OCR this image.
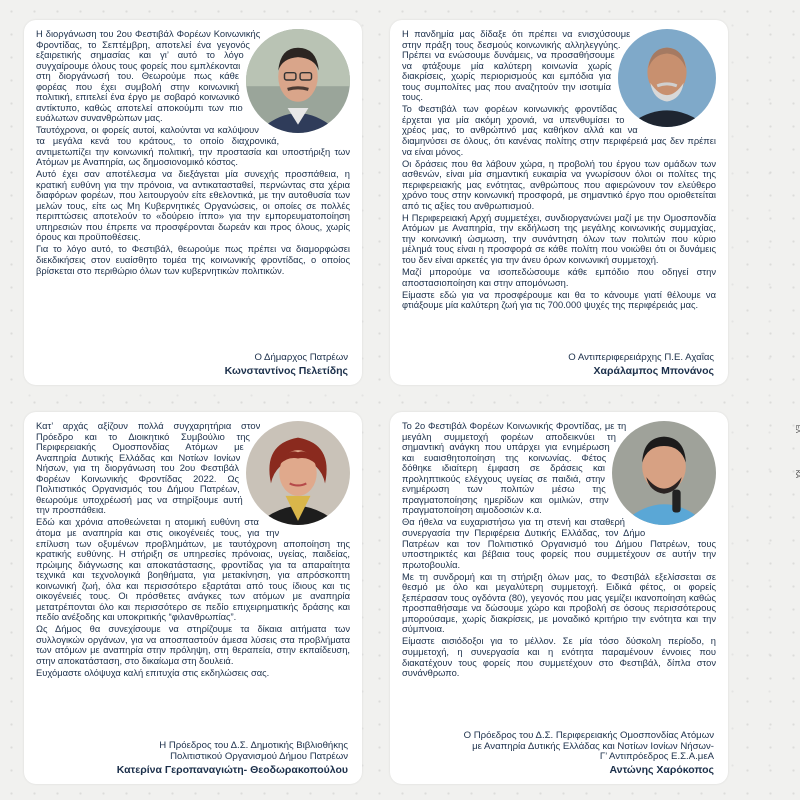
Η διοργάνωση του 2ου Φεστιβάλ Φορέων Κοινωνικής Φροντίδας, το Σεπτέμβρη, αποτελεί ένα γεγονός εξαιρετικής σημασίας και γι’ αυτό το λόγο συγχαίρουμε όλους τους φορείς που εμπλέκονται στη διοργάνωσή του. Θεωρούμε πως κάθε φορέας που έχει συμβολή στην κοινωνική πολιτική, επιτελεί ένα έργο με σοβαρό κοινωνικό αντίκτυπο, καθώς αποτελεί αποκούμπι των πιο ευάλωτων συνανθρώπων μας.

Ταυτόχρονα, οι φορείς αυτοί, καλούνται να καλύψουν τα μεγάλα κενά του κράτους, το οποίο διαχρονικά, αντιμετωπίζει την κοινωνική πολιτική, την προστασία και υποστήριξη των Ατόμων με Αναπηρία, ως δημοσιονομικό κόστος.

Αυτό έχει σαν αποτέλεσμα να διεξάγεται μία συνεχής προσπάθεια, η κρατική ευθύνη για την πρόνοια, να αντικατασταθεί, περνώντας στα χέρια διαφόρων φορέων, που λειτουργούν είτε εθελοντικά, με την αυτοθυσία των μελών τους, είτε ως Μη Κυβερνητικές Οργανώσεις, οι οποίες σε πολλές περιπτώσεις αποτελούν το «δούρειο ίππο» για την εμπορευματοποίηση υπηρεσιών που έπρεπε να προσφέρονται δωρεάν και προς όλους, χωρίς όρους και προϋποθέσεις.

Για το λόγο αυτό, το Φεστιβάλ, θεωρούμε πως πρέπει να διαμορφώσει διεκδικήσεις στον ευαίσθητο τομέα της κοινωνικής φροντίδας, ο οποίος βρίσκεται στο περιθώριο όλων των κυβερνητικών πολιτικών.

Ο Δήμαρχος Πατρέων
Κωνσταντίνος Πελετίδης

Η πανδημία μας δίδαξε ότι πρέπει να ενισχύσουμε στην πράξη τους δεσμούς κοινωνικής αλληλεγγύης. Πρέπει να ενώσουμε δυνάμεις, να προσαθήσουμε να φτάξουμε μία καλύτερη κοινωνία χωρίς διακρίσεις, χωρίς περιορισμούς και εμπόδια για τους συμπολίτες μας που αναζητούν την ισοτιμία τους.

Το Φεστιβάλ των φορέων κοινωνικής φροντίδας έρχεται για μία ακόμη χρονιά, να υπενθυμίσει το χρέος μας, το ανθρώπινό μας καθήκον αλλά και να διαμηνύσει σε όλους, ότι κανένας πολίτης στην περιφέρειά μας δεν πρέπει να είναι μόνος.

Οι δράσεις που θα λάβουν χώρα, η προβολή του έργου των ομάδων των ασθενών, είναι μία σημαντική ευκαιρία να γνωρίσουν όλοι οι πολίτες της περιφερειακής μας ενότητας, ανθρώπους που αφιερώνουν τον ελεύθερο χρόνο τους στην κοινωνική προσφορά, με σημαντικό έργο που οριοθετείται από τις αξίες του ανθρωπισμού.

Η Περιφερειακή Αρχή συμμετέχει, συνδιοργανώνει μαζί με την Ομοσπονδία Ατόμων με Αναπηρία, την εκδήλωση της μεγάλης κοινωνικής συμμαχίας, την κοινωνική ώσμωση, την συνάντηση όλων των πολιτών που κύριο μέλημά τους είναι η προσφορά σε κάθε πολίτη που νοιώθει ότι οι δυνάμεις του δεν είναι αρκετές για την άνευ όρων κοινωνική συμμετοχή.

Μαζί μπορούμε να ισοπεδώσουμε κάθε εμπόδιο που οδηγεί στην αποστασιοποίηση και στην απομόνωση.

Είμαστε εδώ για να προσφέρουμε και θα το κάνουμε γιατί θέλουμε να φτιάξουμε μία καλύτερη ζωή για τις 700.000 ψυχές της περιφέρειάς μας.

Ο Αντιπεριφερειάρχης Π.Ε. Αχαΐας
Χαράλαμπος Μπονάνος

Κατ’ αρχάς αξίζουν πολλά συγχαρητήρια στον Πρόεδρο και το Διοικητικό Συμβούλιο της Περιφερειακής Ομοσπονδίας Ατόμων με Αναπηρία Δυτικής Ελλάδας και Νοτίων Ιονίων Νήσων, για τη διοργάνωση του 2ου Φεστιβάλ Φορέων Κοινωνικής Φροντίδας 2022. Ως Πολιτιστικός Οργανισμός του Δήμου Πατρέων, θεωρούμε υποχρέωσή μας να στηρίξουμε αυτή την προσπάθεια.

Εδώ και χρόνια αποθεώνεται η ατομική ευθύνη στα άτομα με αναπηρία και στις οικογένειές τους, για την επίλυση των οξυμένων προβλημάτων, με ταυτόχρονη αποποίηση της κρατικής ευθύνης. Η στήριξη σε υπηρεσίες πρόνοιας, υγείας, παιδείας, πρώιμης διάγνωσης και αποκατάστασης, φροντίδας για τα απαραίτητα τεχνικά και τεχνολογικά βοηθήματα, για μετακίνηση, για απρόσκοπτη κοινωνική ζωή, όλα και περισσότερο εξαρτάται από τους ίδιους και τις οικογένειές τους. Οι πρόσθετες ανάγκες των ατόμων με αναπηρία μετατρέπονται όλο και περισσότερο σε πεδίο επιχειρηματικής δράσης και πεδίο ανέξοδης και υποκριτικής “φιλανθρωπίας”.

Ως Δήμος θα συνεχίσουμε να στηρίζουμε τα δίκαια αιτήματα των συλλογικών οργάνων, για να αποσπαστούν άμεσα λύσεις στα προβλήματα των ατόμων με αναπηρία στην πρόληψη, στη θεραπεία, στην εκπαίδευση, στην αποκατάσταση, στο δικαίωμα στη δουλειά.

Ευχόμαστε ολόψυχα καλή επιτυχία στις εκδηλώσεις σας.

Η Πρόεδρος του Δ.Σ. Δημοτικής Βιβλιοθήκης
Πολιτιστικού Οργανισμού Δήμου Πατρέων
Κατερίνα Γεροπαναγιώτη- Θεοδωρακοπούλου

Το 2ο Φεστιβάλ Φορέων Κοινωνικής Φροντίδας, με τη μεγάλη συμμετοχή φορέων αποδεικνύει τη σημαντική ανάγκη που υπάρχει για ενημέρωση και ευαισθητοποίηση της κοινωνίας. Φέτος δόθηκε ιδιαίτερη έμφαση σε δράσεις και προληπτικούς ελέγχους υγείας σε παιδιά, στην ενημέρωση των πολιτών μέσω της πραγματοποίησης ημερίδων και ομιλιών, στην πραγματοποίηση αιμοδοσιών κ.α.

Θα ήθελα να ευχαριστήσω για τη στενή και σταθερή συνεργασία την Περιφέρεια Δυτικής Ελλάδας, τον Δήμο Πατρέων και τον Πολιτιστικό Οργανισμό του Δήμου Πατρέων, τους υποστηρικτές και βέβαια τους φορείς που συμμετέχουν σε αυτήν την πρωτοβουλία.

Με τη συνδρομή και τη στήριξη όλων μας, το Φεστιβάλ εξελίσσεται σε θεσμό με όλο και μεγαλύτερη συμμετοχή. Ειδικά φέτος, οι φορείς ξεπέρασαν τους ογδόντα (80), γεγονός που μας γεμίζει ικανοποίηση καθώς προσπαθήσαμε να δώσουμε χώρο και προβολή σε όσους περισσότερους μπορούσαμε, χωρίς διακρίσεις, με μοναδικό κριτήριο την ενότητα και την σύμπνοια.

Είμαστε αισιόδοξοι για το μέλλον. Σε μία τόσο δύσκολη περίοδο, η συμμετοχή, η συνεργασία και η ενότητα παραμένουν έννοιες που διακατέχουν τους φορείς που συμμετέχουν στο Φεστιβάλ, δίπλα στον συνάνθρωπο.

Ο Πρόεδρος του Δ.Σ. Περιφερειακής Ομοσπονδίας Ατόμων
με Αναπηρία Δυτικής Ελλάδας και Νοτίων Ιονίων Νήσων-
Γ’ Αντιπρόεδρος Ε.Σ.Α.μεΑ
Αντώνης Χαρόκοπος
ΕΛ
ΚΑ
